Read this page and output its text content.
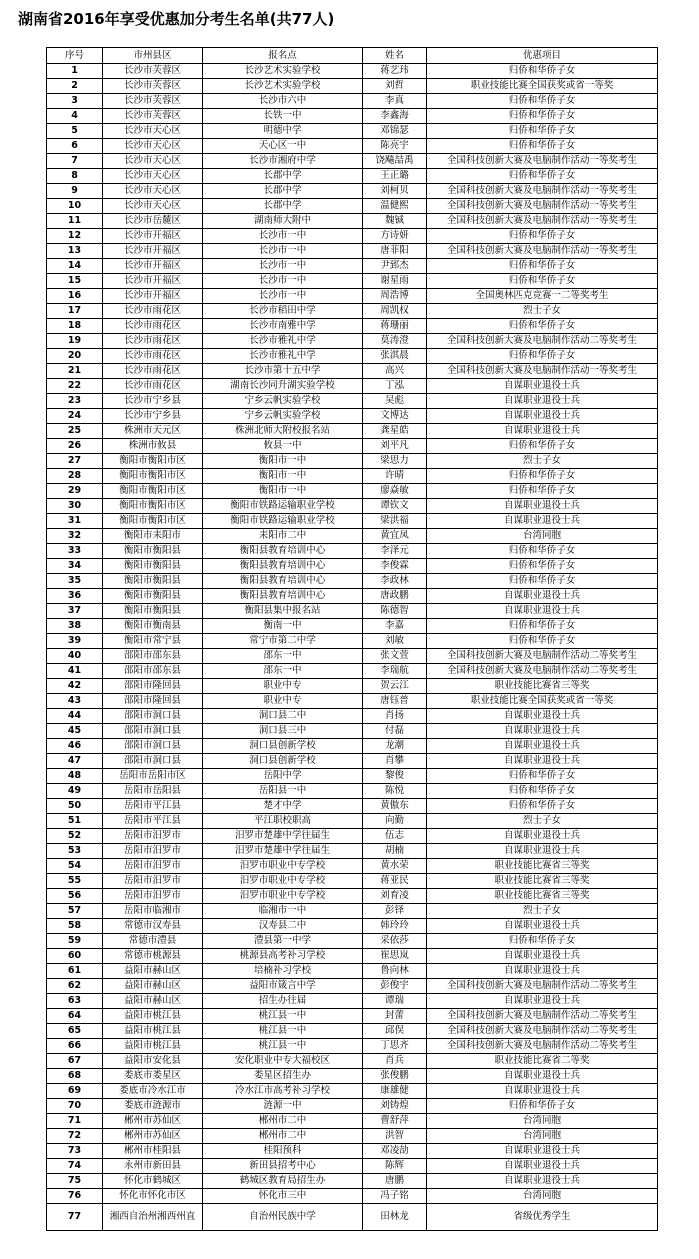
湖南省2016年享受优惠加分考生名单(共77人)
序号	市州县区	报名点	姓名	优惠项目
1	长沙市芙蓉区	长沙艺术实验学校	蒋艺玮	归侨和华侨子女
2	长沙市芙蓉区	长沙艺术实验学校	刘哲	职业技能比赛全国获奖或省一等奖
3	长沙市芙蓉区	长沙市六中	李真	归侨和华侨子女
4	长沙市芙蓉区	长铁一中	李鑫海	归侨和华侨子女
5	长沙市天心区	明德中学	邓锦瑟	归侨和华侨子女
6	长沙市天心区	天心区一中	陈亮宇	归侨和华侨子女
7	长沙市天心区	长沙市湘府中学	饶飚喆禹	全国科技创新大赛及电脑制作活动一等奖考生
8	长沙市天心区	长郡中学	王正璐	归侨和华侨子女
9	长沙市天心区	长郡中学	刘柯贝	全国科技创新大赛及电脑制作活动一等奖考生
10	长沙市天心区	长郡中学	温健熙	全国科技创新大赛及电脑制作活动一等奖考生
11	长沙市岳麓区	湖南师大附中	魏铖	全国科技创新大赛及电脑制作活动一等奖考生
12	长沙市开福区	长沙市一中	方诗妍	归侨和华侨子女
13	长沙市开福区	长沙市一中	唐菲阳	全国科技创新大赛及电脑制作活动一等奖考生
14	长沙市开福区	长沙市一中	尹郅杰	归侨和华侨子女
15	长沙市开福区	长沙市一中	谢星雨	归侨和华侨子女
16	长沙市开福区	长沙市一中	周浩博	全国奥林匹克竞赛一二等奖考生
17	长沙市雨花区	长沙市稻田中学	周凯权	烈士子女
18	长沙市雨花区	长沙市南雅中学	蒋珊丽	归侨和华侨子女
19	长沙市雨花区	长沙市雅礼中学	莫涛澄	全国科技创新大赛及电脑制作活动二等奖考生
20	长沙市雨花区	长沙市雅礼中学	张淇晨	归侨和华侨子女
21	长沙市雨花区	长沙市第十五中学	高兴	全国科技创新大赛及电脑制作活动一等奖考生
22	长沙市雨花区	湖南长沙同升湖实验学校	丁泓	自谋职业退役士兵
23	长沙市宁乡县	宁乡云帆实验学校	吴彪	自谋职业退役士兵
24	长沙市宁乡县	宁乡云帆实验学校	文博达	自谋职业退役士兵
25	株洲市天元区	株洲北师大附校报名站	龚星皓	自谋职业退役士兵
26	株洲市攸县	攸县一中	刘平凡	归侨和华侨子女
27	衡阳市衡阳市区	衡阳市一中	梁思力	烈士子女
28	衡阳市衡阳市区	衡阳市一中	许晴	归侨和华侨子女
29	衡阳市衡阳市区	衡阳市一中	廖焱敏	归侨和华侨子女
30	衡阳市衡阳市区	衡阳市铁路运输职业学校	谭钦文	自谋职业退役士兵
31	衡阳市衡阳市区	衡阳市铁路运输职业学校	梁洪福	自谋职业退役士兵
32	衡阳市耒阳市	耒阳市二中	黄宜凤	台湾同胞
33	衡阳市衡阳县	衡阳县教育培训中心	李泽元	归侨和华侨子女
34	衡阳市衡阳县	衡阳县教育培训中心	李俊霖	归侨和华侨子女
35	衡阳市衡阳县	衡阳县教育培训中心	李政林	归侨和华侨子女
36	衡阳市衡阳县	衡阳县教育培训中心	唐政鹏	自谋职业退役士兵
37	衡阳市衡阳县	衡阳县集中报名站	陈德智	自谋职业退役士兵
38	衡阳市衡南县	衡南一中	李嘉	归侨和华侨子女
39	衡阳市常宁县	常宁市第二中学	刘敏	归侨和华侨子女
40	邵阳市邵东县	邵东一中	张文萱	全国科技创新大赛及电脑制作活动二等奖考生
41	邵阳市邵东县	邵东一中	李瑞航	全国科技创新大赛及电脑制作活动二等奖考生
42	邵阳市隆回县	职业中专	贺云江	职业技能比赛省三等奖
43	邵阳市隆回县	职业中专	唐钰普	职业技能比赛全国获奖或省一等奖
44	邵阳市洞口县	洞口县二中	肖扬	自谋职业退役士兵
45	邵阳市洞口县	洞口县三中	付磊	自谋职业退役士兵
46	邵阳市洞口县	洞口县创新学校	龙潮	自谋职业退役士兵
47	邵阳市洞口县	洞口县创新学校	肖攀	自谋职业退役士兵
48	岳阳市岳阳市区	岳阳中学	黎俊	归侨和华侨子女
49	岳阳市岳阳县	岳阳县一中	陈悦	归侨和华侨子女
50	岳阳市平江县	楚才中学	黄傲东	归侨和华侨子女
51	岳阳市平江县	平江职校职高	向勤	烈士子女
52	岳阳市汨罗市	汨罗市楚雄中学往届生	伍志	自谋职业退役士兵
53	岳阳市汨罗市	汨罗市楚雄中学往届生	胡楠	自谋职业退役士兵
54	岳阳市汨罗市	汨罗市职业中专学校	黄水荣	职业技能比赛省三等奖
55	岳阳市汨罗市	汨罗市职业中专学校	蒋亚民	职业技能比赛省三等奖
56	岳阳市汨罗市	汨罗市职业中专学校	刘育凌	职业技能比赛省三等奖
57	岳阳市临湘市	临湘市一中	彭铎	烈士子女
58	常德市汉寿县	汉寿县二中	韩玲玲	自谋职业退役士兵
59	常德市澧县	澧县第一中学	采依莎	归侨和华侨子女
60	常德市桃源县	桃源县高考补习学校	崔思岚	自谋职业退役士兵
61	益阳市赫山区	培楠补习学校	鲁向林	自谋职业退役士兵
62	益阳市赫山区	益阳市箴言中学	彭俊宇	全国科技创新大赛及电脑制作活动二等奖考生
63	益阳市赫山区	招生办往届	谭瑞	自谋职业退役士兵
64	益阳市桃江县	桃江县一中	封蕾	全国科技创新大赛及电脑制作活动二等奖考生
65	益阳市桃江县	桃江县一中	邱俣	全国科技创新大赛及电脑制作活动二等奖考生
66	益阳市桃江县	桃江县一中	丁思齐	全国科技创新大赛及电脑制作活动二等奖考生
67	益阳市安化县	安化职业中专大福校区	肖兵	职业技能比赛省二等奖
68	娄底市娄星区	娄星区招生办	张俊鹏	自谋职业退役士兵
69	娄底市冷水江市	冷水江市高考补习学校	康雄健	自谋职业退役士兵
70	娄底市涟源市	涟源一中	刘铸煌	归侨和华侨子女
71	郴州市苏仙区	郴州市二中	曹舒萍	台湾同胞
72	郴州市苏仙区	郴州市二中	洪智	台湾同胞
73	郴州市桂阳县	桂阳预科	邓凌劼	自谋职业退役士兵
74	永州市新田县	新田县招考中心	陈辉	自谋职业退役士兵
75	怀化市鹤城区	鹤城区教育局招生办	唐鹏	自谋职业退役士兵
76	怀化市怀化市区	怀化市三中	冯子铭	台湾同胞
77	湘西自治州湘西州直	自治州民族中学	田林龙	省级优秀学生
